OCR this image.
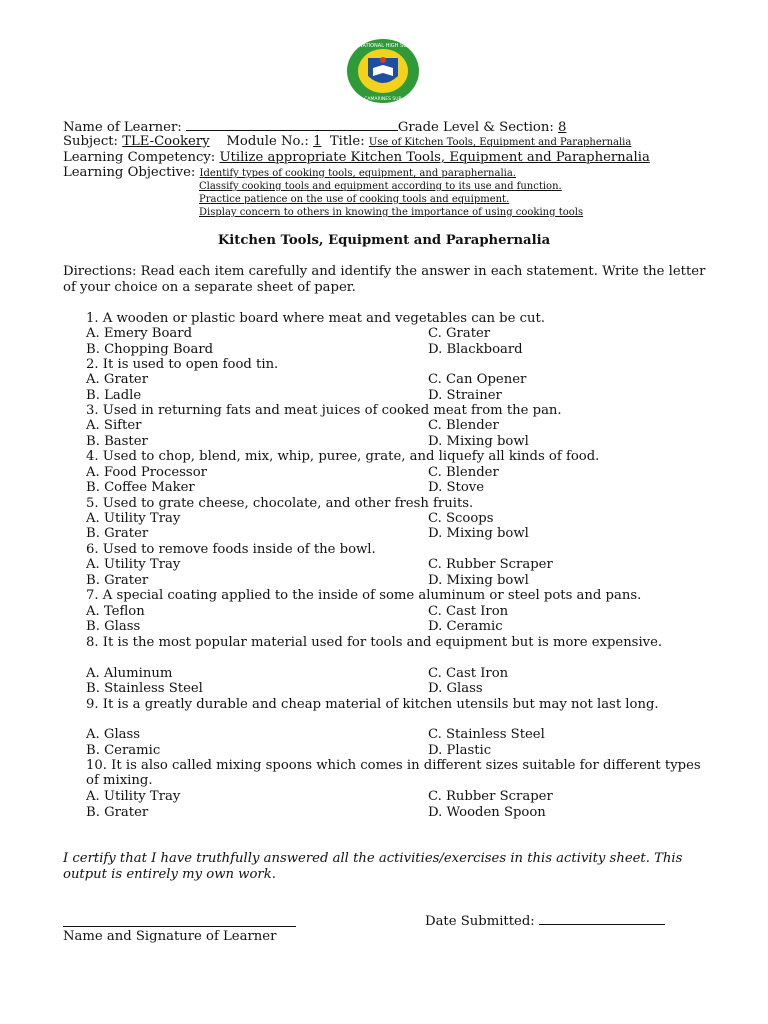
BUHI NATIONAL HIGH SCHOOL
CAMARINES SUR
Name of Learner:	Grade Level & Section: 8
Subject: TLE-Cookery Module No.: 1 Title: Use of Kitchen Tools, Equipment and Paraphernalia
Learning Competency: Utilize appropriate Kitchen Tools, Equipment and Paraphernalia
Learning Objective: Identify types of cooking tools, equipment, and paraphernalia.
Classify cooking tools and equipment according to its use and function.
Practice patience on the use of cooking tools and equipment.
Display concern to others in knowing the importance of using cooking tools
Kitchen Tools, Equipment and Paraphernalia
Directions: Read each item carefully and identify the answer in each statement. Write the letter of your choice on a separate sheet of paper.
1. A wooden or plastic board where meat and vegetables can be cut.
A. Emery Board	C. Grater
B. Chopping Board	D. Blackboard
2. It is used to open food tin.
A. Grater	C. Can Opener
B. Ladle	D. Strainer
3. Used in returning fats and meat juices of cooked meat from the pan.
A. Sifter	C. Blender
B. Baster	D. Mixing bowl
4. Used to chop, blend, mix, whip, puree, grate, and liquefy all kinds of food.
A. Food Processor	C. Blender
B. Coffee Maker	D. Stove
5. Used to grate cheese, chocolate, and other fresh fruits.
A. Utility Tray	C. Scoops
B. Grater	D. Mixing bowl
6. Used to remove foods inside of the bowl.
A. Utility Tray	C. Rubber Scraper
B. Grater	D. Mixing bowl
7. A special coating applied to the inside of some aluminum or steel pots and pans.
A. Teflon	C. Cast Iron
B. Glass	D. Ceramic
8. It is the most popular material used for tools and equipment but is more expensive.
A. Aluminum	C. Cast Iron
B. Stainless Steel	D. Glass
9. It is a greatly durable and cheap material of kitchen utensils but may not last long.
A. Glass	C. Stainless Steel
B. Ceramic	D. Plastic
10. It is also called mixing spoons which comes in different sizes suitable for different types of mixing.
A. Utility Tray	C. Rubber Scraper
B. Grater	D. Wooden Spoon
I certify that I have truthfully answered all the activities/exercises in this activity sheet. This output is entirely my own work.
Name and Signature of Learner
Date Submitted:
